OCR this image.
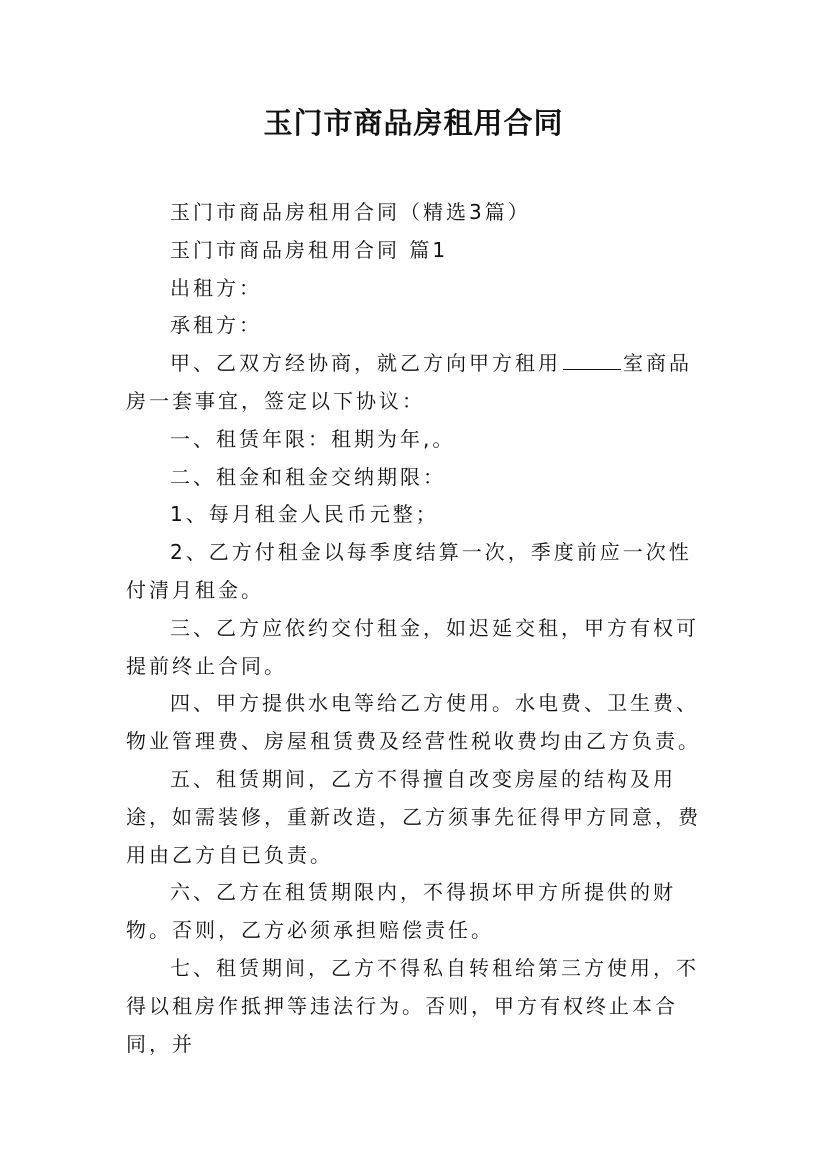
玉门市商品房租用合同

玉门市商品房租用合同（精选3篇）

玉门市商品房租用合同 篇1

出租方：

承租方：

甲、乙双方经协商，就乙方向甲方租用	室商品房一套事宜，签定以下协议：

一、租赁年限：租期为年,。

二、租金和租金交纳期限：

1、每月租金人民币元整；

2、乙方付租金以每季度结算一次，季度前应一次性付清月租金。

三、乙方应依约交付租金，如迟延交租，甲方有权可提前终止合同。

四、甲方提供水电等给乙方使用。水电费、卫生费、物业管理费、房屋租赁费及经营性税收费均由乙方负责。

五、租赁期间，乙方不得擅自改变房屋的结构及用途，如需装修，重新改造，乙方须事先征得甲方同意，费用由乙方自已负责。

六、乙方在租赁期限内，不得损坏甲方所提供的财物。否则，乙方必须承担赔偿责任。

七、租赁期间，乙方不得私自转租给第三方使用，不得以租房作抵押等违法行为。否则，甲方有权终止本合同，并
